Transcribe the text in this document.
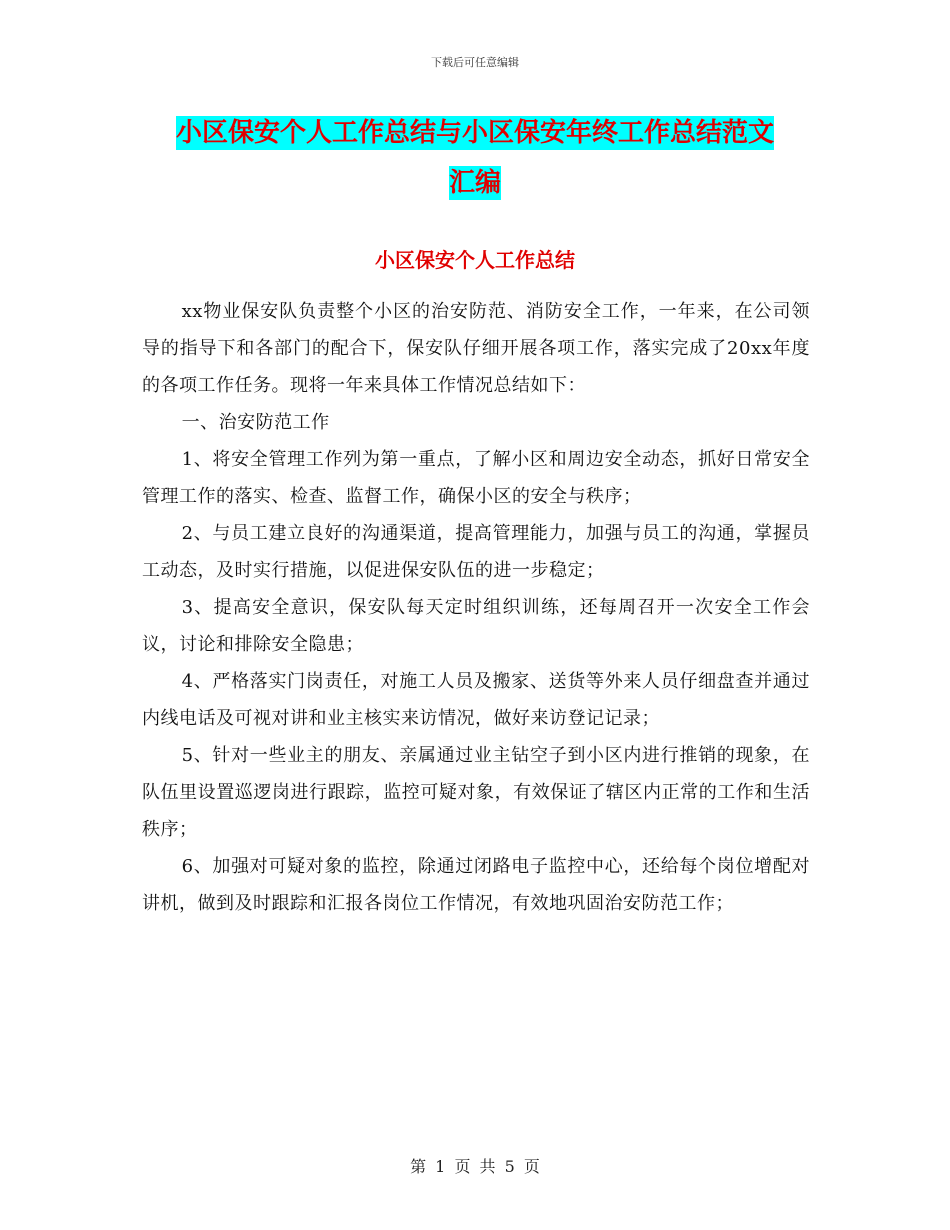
下载后可任意编辑
小区保安个人工作总结与小区保安年终工作总结范文
汇编
小区保安个人工作总结

xx物业保安队负责整个小区的治安防范、消防安全工作，一年来，在公司领导的指导下和各部门的配合下，保安队仔细开展各项工作，落实完成了20xx年度的各项工作任务。现将一年来具体工作情况总结如下：

一、治安防范工作

1、将安全管理工作列为第一重点，了解小区和周边安全动态，抓好日常安全管理工作的落实、检查、监督工作，确保小区的安全与秩序；

2、与员工建立良好的沟通渠道，提高管理能力，加强与员工的沟通，掌握员工动态，及时实行措施，以促进保安队伍的进一步稳定；

3、提高安全意识，保安队每天定时组织训练，还每周召开一次安全工作会议，讨论和排除安全隐患；

4、严格落实门岗责任，对施工人员及搬家、送货等外来人员仔细盘查并通过内线电话及可视对讲和业主核实来访情况，做好来访登记记录；

5、针对一些业主的朋友、亲属通过业主钻空子到小区内进行推销的现象，在队伍里设置巡逻岗进行跟踪，监控可疑对象，有效保证了辖区内正常的工作和生活秩序；

6、加强对可疑对象的监控，除通过闭路电子监控中心，还给每个岗位增配对讲机，做到及时跟踪和汇报各岗位工作情况，有效地巩固治安防范工作；

第 1 页 共 5 页
